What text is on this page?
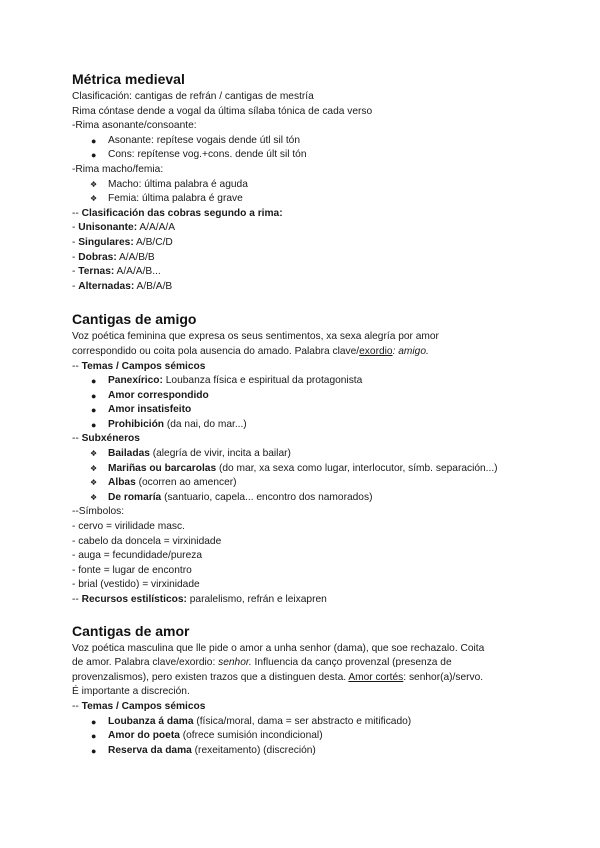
Métrica medieval

Clasificación: cantigas de refrán / cantigas de mestría

Rima cóntase dende a vogal da última sílaba tónica de cada verso

-Rima asonante/consoante:

● Asonante: repítese vogais dende útl sil tón
● Cons: repítense vog.+cons. dende últ sil tón

-Rima macho/femia:

❖ Macho: última palabra é aguda
❖ Femia: última palabra é grave

-- Clasificación das cobras segundo a rima:

- Unisonante: A/A/A/A

- Singulares: A/B/C/D

- Dobras: A/A/B/B

- Ternas: A/A/A/B...

- Alternadas: A/B/A/B

Cantigas de amigo

Voz poética feminina que expresa os seus sentimentos, xa sexa alegría por amor

correspondido ou coita pola ausencia do amado. Palabra clave/exordio: amigo.

-- Temas / Campos sémicos

● Panexírico: Loubanza física e espiritual da protagonista
● Amor correspondido
● Amor insatisfeito
● Prohibición (da nai, do mar...)

-- Subxéneros

❖ Bailadas (alegría de vivir, incita a bailar)
❖ Mariñas ou barcarolas (do mar, xa sexa como lugar, interlocutor, símb. separación...)
❖ Albas (ocorren ao amencer)
❖ De romaría (santuario, capela... encontro dos namorados)

--Símbolos:

- cervo = virilidade masc.

- cabelo da doncela = virxinidade

- auga = fecundidade/pureza

- fonte = lugar de encontro

- brial (vestido) = virxinidade

-- Recursos estilísticos: paralelismo, refrán e leixapren

Cantigas de amor

Voz poética masculina que lle pide o amor a unha senhor (dama), que soe rechazalo. Coita

de amor. Palabra clave/exordio: senhor. Influencia da canço provenzal (presenza de

provenzalismos), pero existen trazos que a distinguen desta. Amor cortés: senhor(a)/servo.

É importante a discreción.

-- Temas / Campos sémicos

● Loubanza á dama (física/moral, dama = ser abstracto e mitificado)
● Amor do poeta (ofrece sumisión incondicional)
● Reserva da dama (rexeitamento) (discreción)
